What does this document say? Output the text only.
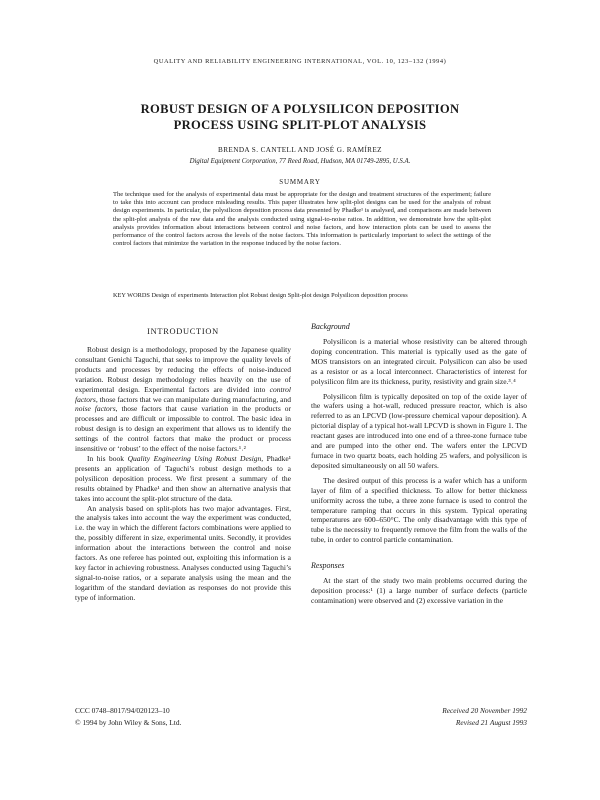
QUALITY AND RELIABILITY ENGINEERING INTERNATIONAL, VOL. 10, 123–132 (1994)
ROBUST DESIGN OF A POLYSILICON DEPOSITION
PROCESS USING SPLIT-PLOT ANALYSIS
BRENDA S. CANTELL AND JOSÉ G. RAMÍREZ
Digital Equipment Corporation, 77 Reed Road, Hudson, MA 01749-2895, U.S.A.
SUMMARY

The technique used for the analysis of experimental data must be appropriate for the design and treatment structures of the experiment; failure to take this into account can produce misleading results. This paper illustrates how split-plot designs can be used for the analysis of robust design experiments. In particular, the polysilicon deposition process data presented by Phadke¹ is analysed, and comparisons are made between the split-plot analysis of the raw data and the analysis conducted using signal-to-noise ratios. In addition, we demonstrate how the split-plot analysis provides information about interactions between control and noise factors, and how interaction plots can be used to assess the performance of the control factors across the levels of the noise factors. This information is particularly important to select the settings of the control factors that minimize the variation in the response induced by the noise factors.

KEY WORDS Design of experiments Interaction plot Robust design Split-plot design Polysilicon deposition process

INTRODUCTION

Robust design is a methodology, proposed by the Japanese quality consultant Genichi Taguchi, that seeks to improve the quality levels of products and processes by reducing the effects of noise-induced variation. Robust design methodology relies heavily on the use of experimental design. Experimental factors are divided into control factors, those factors that we can manipulate during manufacturing, and noise factors, those factors that cause variation in the products or processes and are difficult or impossible to control. The basic idea in robust design is to design an experiment that allows us to identify the settings of the control factors that make the product or process insensitive or ‘robust’ to the effect of the noise factors.¹˒²

In his book Quality Engineering Using Robust Design, Phadke¹ presents an application of Taguchi’s robust design methods to a polysilicon deposition process. We first present a summary of the results obtained by Phadke¹ and then show an alternative analysis that takes into account the split-plot structure of the data.

An analysis based on split-plots has two major advantages. First, the analysis takes into account the way the experiment was conducted, i.e. the way in which the different factors combinations were applied to the, possibly different in size, experimental units. Secondly, it provides information about the interactions between the control and noise factors. As one referee has pointed out, exploiting this information is a key factor in achieving robustness. Analyses conducted using Taguchi’s signal-to-noise ratios, or a separate analysis using the mean and the logarithm of the standard deviation as responses do not provide this type of information.

Background

Polysilicon is a material whose resistivity can be altered through doping concentration. This material is typically used as the gate of MOS transistors on an integrated circuit. Polysilicon can also be used as a resistor or as a local interconnect. Characteristics of interest for polysilicon film are its thickness, purity, resistivity and grain size.³˒⁴

Polysilicon film is typically deposited on top of the oxide layer of the wafers using a hot-wall, reduced pressure reactor, which is also referred to as an LPCVD (low-pressure chemical vapour deposition). A pictorial display of a typical hot-wall LPCVD is shown in Figure 1. The reactant gases are introduced into one end of a three-zone furnace tube and are pumped into the other end. The wafers enter the LPCVD furnace in two quartz boats, each holding 25 wafers, and polysilicon is deposited simultaneously on all 50 wafers.

The desired output of this process is a wafer which has a uniform layer of film of a specified thickness. To allow for better thickness uniformity across the tube, a three zone furnace is used to control the temperature ramping that occurs in this system. Typical operating temperatures are 600–650°C. The only disadvantage with this type of tube is the necessity to frequently remove the film from the walls of the tube, in order to control particle contamination.

Responses

At the start of the study two main problems occurred during the deposition process:¹ (1) a large number of surface defects (particle contamination) were observed and (2) excessive variation in the

CCC 0748–8017/94/020123–10
© 1994 by John Wiley & Sons, Ltd.
Received 20 November 1992
Revised 21 August 1993
